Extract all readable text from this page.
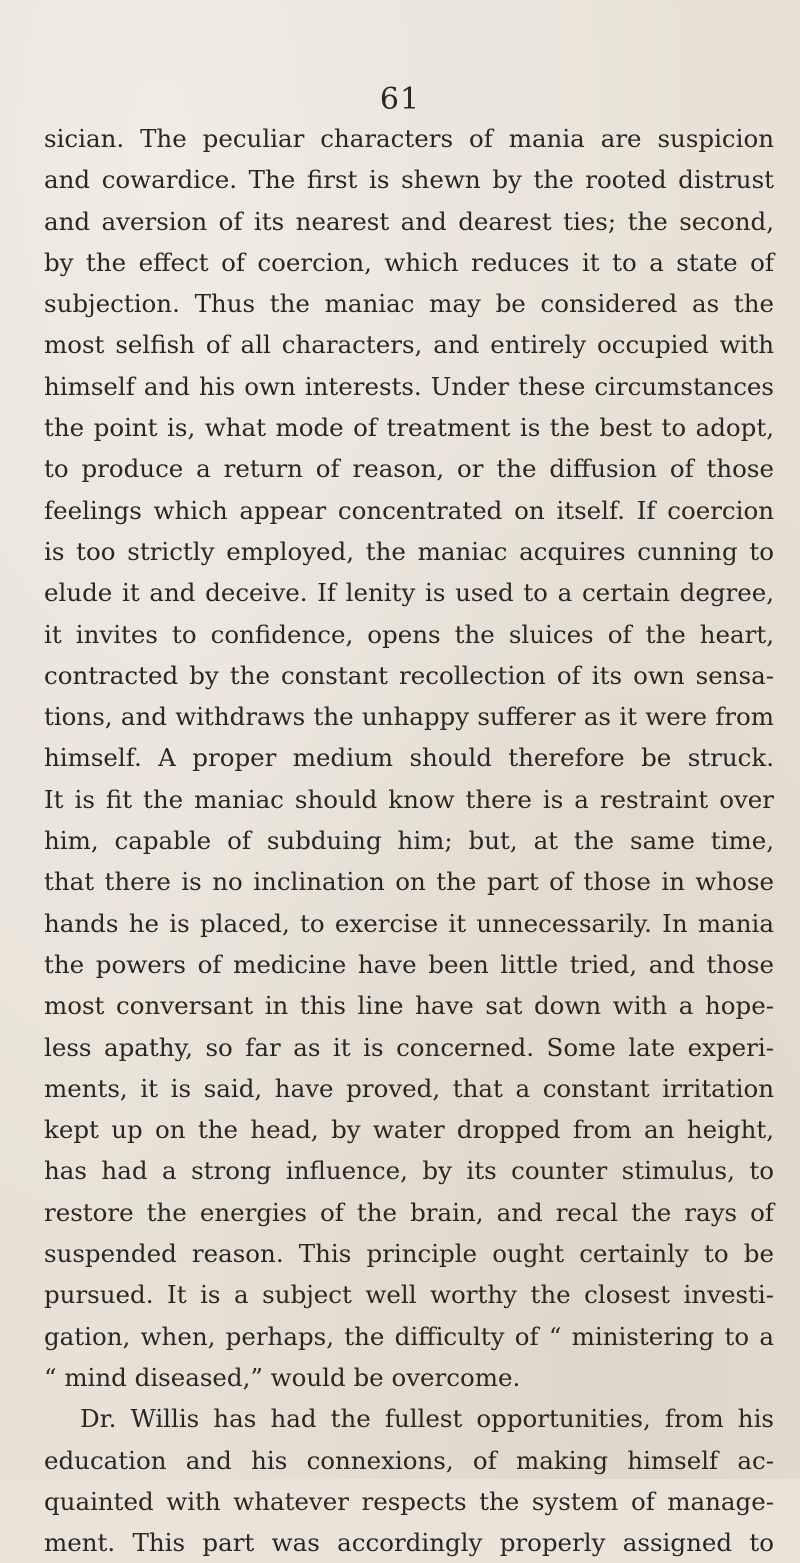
61
sician. The peculiar characters of mania are suspicion
and cowardice. The first is shewn by the rooted distrust
and aversion of its nearest and dearest ties; the second,
by the effect of coercion, which reduces it to a state of
subjection. Thus the maniac may be considered as the
most selfish of all characters, and entirely occupied with
himself and his own interests. Under these circumstances
the point is, what mode of treatment is the best to adopt,
to produce a return of reason, or the diffusion of those
feelings which appear concentrated on itself. If coercion
is too strictly employed, the maniac acquires cunning to
elude it and deceive. If lenity is used to a certain degree,
it invites to confidence, opens the sluices of the heart,
contracted by the constant recollection of its own sensa-
tions, and withdraws the unhappy sufferer as it were from
himself. A proper medium should therefore be struck.
It is fit the maniac should know there is a restraint over
him, capable of subduing him; but, at the same time,
that there is no inclination on the part of those in whose
hands he is placed, to exercise it unnecessarily. In mania
the powers of medicine have been little tried, and those
most conversant in this line have sat down with a hope-
less apathy, so far as it is concerned. Some late experi-
ments, it is said, have proved, that a constant irritation
kept up on the head, by water dropped from an height,
has had a strong influence, by its counter stimulus, to
restore the energies of the brain, and recal the rays of
suspended reason. This principle ought certainly to be
pursued. It is a subject well worthy the closest investi-
gation, when, perhaps, the difficulty of “ ministering to a
“ mind diseased,” would be overcome.
Dr. Willis has had the fullest opportunities, from his
education and his connexions, of making himself ac-
quainted with whatever respects the system of manage-
ment. This part was accordingly properly assigned to
